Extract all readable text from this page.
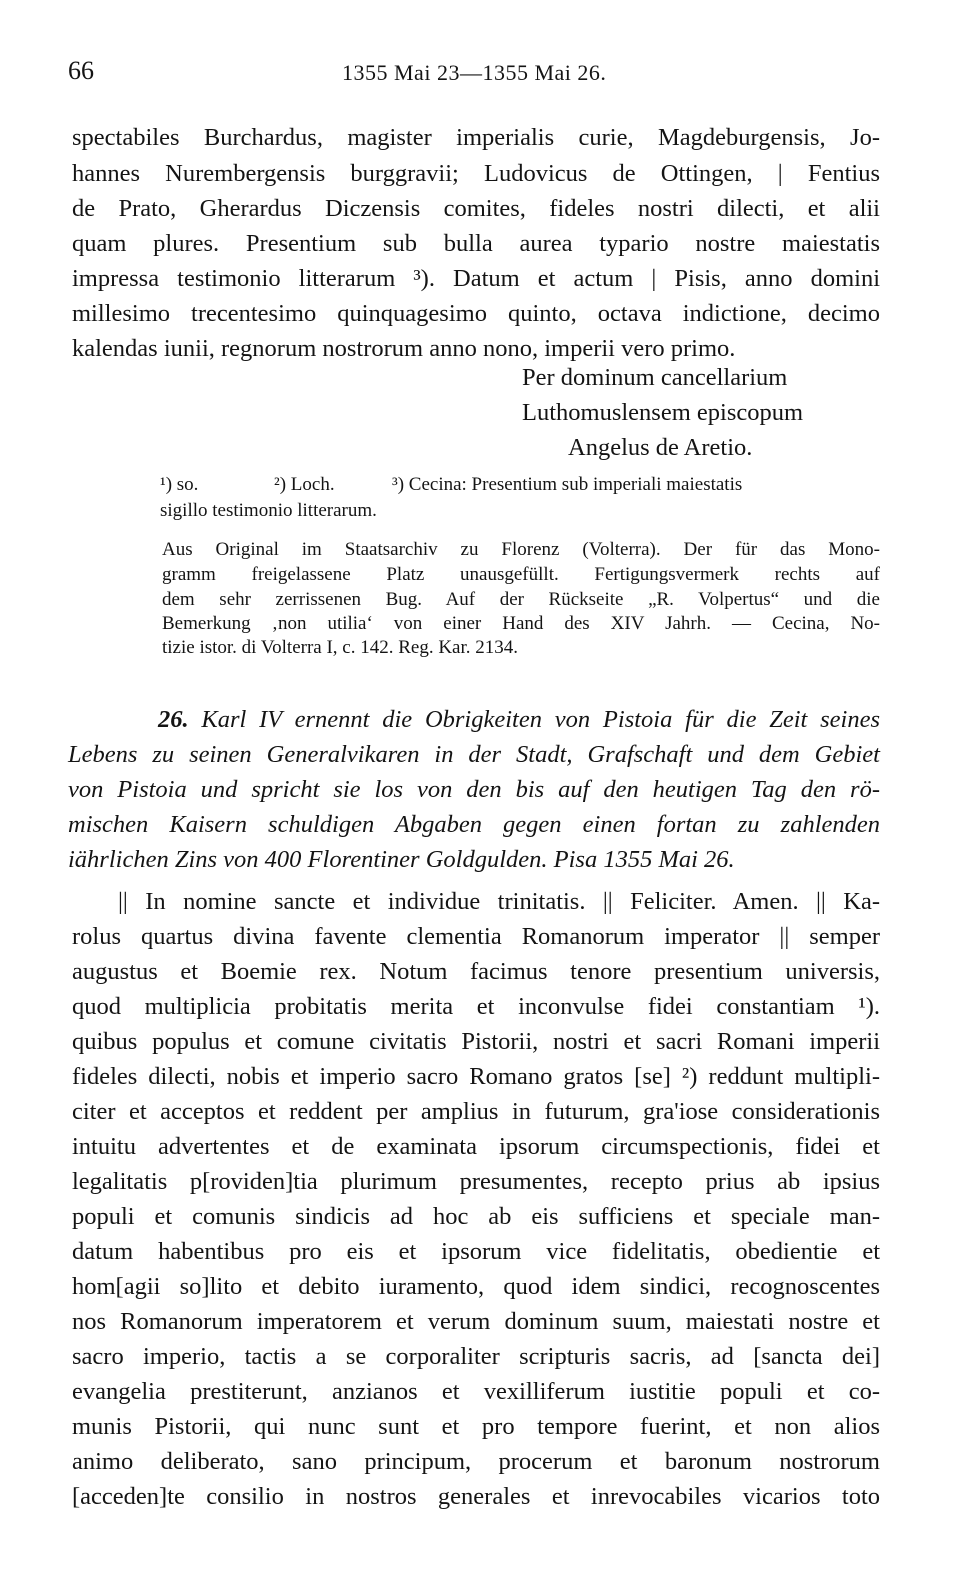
66	1355 Mai 23—1355 Mai 26.
spectabiles Burchardus, magister imperialis curie, Magdeburgensis, Jo-
hannes Nurembergensis burggravii; Ludovicus de Ottingen, | Fentius
de Prato, Gherardus Diczensis comites, fideles nostri dilecti, et alii
quam plures. Presentium sub bulla aurea typario nostre maiestatis
impressa testimonio litterarum ³). Datum et actum | Pisis, anno domini
millesimo trecentesimo quinquagesimo quinto, octava indictione, decimo
kalendas iunii, regnorum nostrorum anno nono, imperii vero primo.
Per dominum cancellarium
Luthomuslensem episcopum
Angelus de Aretio.
¹) so.	²) Loch.	³) Cecina: Presentium sub imperiali maiestatis
sigillo testimonio litterarum.
Aus Original im Staatsarchiv zu Florenz (Volterra). Der für das Mono-
gramm freigelassene Platz unausgefüllt. Fertigungsvermerk rechts auf
dem sehr zerrissenen Bug. Auf der Rückseite „R. Volpertus“ und die
Bemerkung ‚non utilia‘ von einer Hand des XIV Jahrh. — Cecina, No-
tizie istor. di Volterra I, c. 142. Reg. Kar. 2134.
26. Karl IV ernennt die Obrigkeiten von Pistoia für die Zeit seines
Lebens zu seinen Generalvikaren in der Stadt, Grafschaft und dem Gebiet
von Pistoia und spricht sie los von den bis auf den heutigen Tag den rö-
mischen Kaisern schuldigen Abgaben gegen einen fortan zu zahlenden
iährlichen Zins von 400 Florentiner Goldgulden. Pisa 1355 Mai 26.
|| In nomine sancte et individue trinitatis. || Feliciter. Amen. || Ka-
rolus quartus divina favente clementia Romanorum imperator || semper
augustus et Boemie rex. Notum facimus tenore presentium universis,
quod multiplicia probitatis merita et inconvulse fidei constantiam ¹).
quibus populus et comune civitatis Pistorii, nostri et sacri Romani imperii
fideles dilecti, nobis et imperio sacro Romano gratos [se] ²) reddunt multipli-
citer et acceptos et reddent per amplius in futurum, gra'iose considerationis
intuitu advertentes et de examinata ipsorum circumspectionis, fidei et
legalitatis p[roviden]tia plurimum presumentes, recepto prius ab ipsius
populi et comunis sindicis ad hoc ab eis sufficiens et speciale man-
datum habentibus pro eis et ipsorum vice fidelitatis, obedientie et
hom[agii so]lito et debito iuramento, quod idem sindici, recognoscentes
nos Romanorum imperatorem et verum dominum suum, maiestati nostre et
sacro imperio, tactis a se corporaliter scripturis sacris, ad [sancta dei]
evangelia prestiterunt, anzianos et vexilliferum iustitie populi et co-
munis Pistorii, qui nunc sunt et pro tempore fuerint, et non alios
animo deliberato, sano principum, procerum et baronum nostrorum
[acceden]te consilio in nostros generales et inrevocabiles vicarios toto
